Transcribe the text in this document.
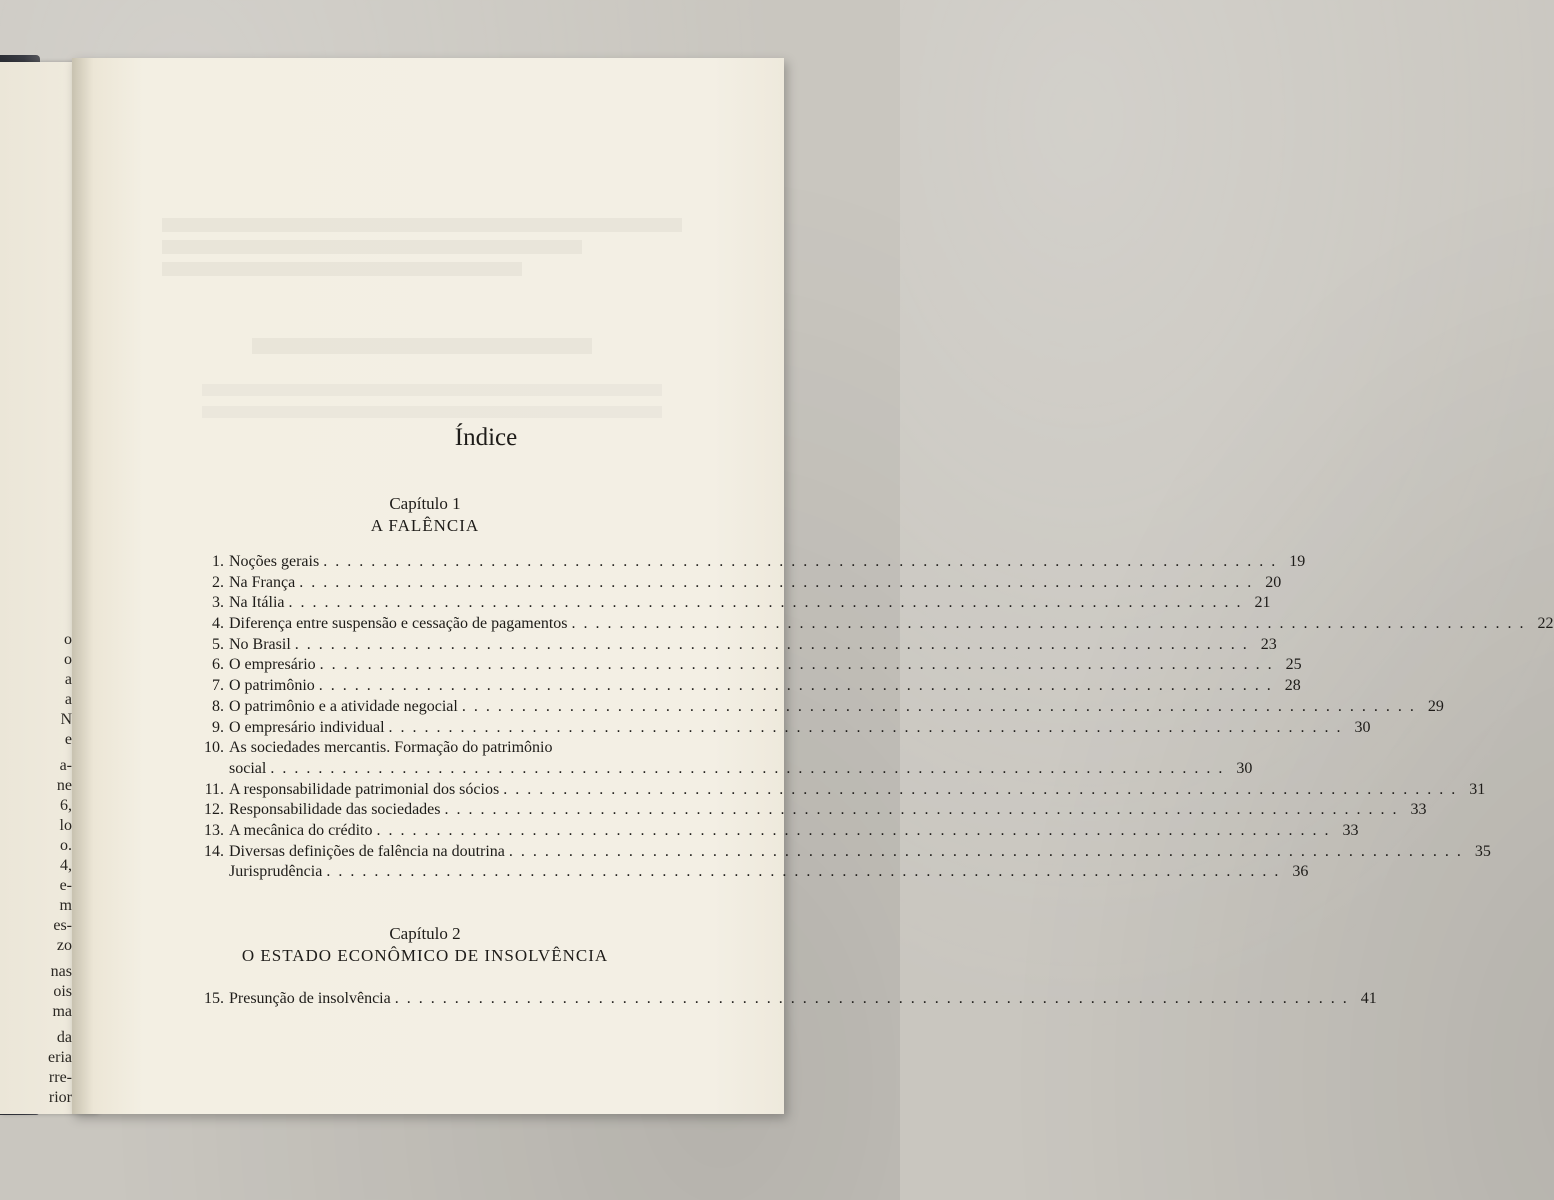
o
o
a
a
N
e
a-
ne
6,
lo
o.
4,
e-
m
es-
zo
nas
ois
ma
da
eria
rre-
rior
Índice
Capítulo 1
A FALÊNCIA
1. Noções gerais . . . . . . . . . . . . . . . . . . . . . . . . . . . . . . . . . . . . . . . . . . . . . . . . . . . . . . . . . . . . . . . . . . . . . . . . . . . . . . . . 19
2. Na França . . . . . . . . . . . . . . . . . . . . . . . . . . . . . . . . . . . . . . . . . . . . . . . . . . . . . . . . . . . . . . . . . . . . . . . . . . . . . . . . 20
3. Na Itália . . . . . . . . . . . . . . . . . . . . . . . . . . . . . . . . . . . . . . . . . . . . . . . . . . . . . . . . . . . . . . . . . . . . . . . . . . . . . . . . 21
4. Diferença entre suspensão e cessação de pagamentos . . . . . . . . . . . . . . . . . . . . . . . . . . . . . . . . . . . . . . . . . . . . . . . . . . . . . . . . . . . . . . . . . . . . . . . . . . . . . . . . 22
5. No Brasil . . . . . . . . . . . . . . . . . . . . . . . . . . . . . . . . . . . . . . . . . . . . . . . . . . . . . . . . . . . . . . . . . . . . . . . . . . . . . . . . 23
6. O empresário . . . . . . . . . . . . . . . . . . . . . . . . . . . . . . . . . . . . . . . . . . . . . . . . . . . . . . . . . . . . . . . . . . . . . . . . . . . . . . . . 25
7. O patrimônio . . . . . . . . . . . . . . . . . . . . . . . . . . . . . . . . . . . . . . . . . . . . . . . . . . . . . . . . . . . . . . . . . . . . . . . . . . . . . . . . 28
8. O patrimônio e a atividade negocial . . . . . . . . . . . . . . . . . . . . . . . . . . . . . . . . . . . . . . . . . . . . . . . . . . . . . . . . . . . . . . . . . . . . . . . . . . . . . . . . 29
9. O empresário individual . . . . . . . . . . . . . . . . . . . . . . . . . . . . . . . . . . . . . . . . . . . . . . . . . . . . . . . . . . . . . . . . . . . . . . . . . . . . . . . . 30
10. As sociedades mercantis. Formação do patrimônio
social . . . . . . . . . . . . . . . . . . . . . . . . . . . . . . . . . . . . . . . . . . . . . . . . . . . . . . . . . . . . . . . . . . . . . . . . . . . . . . . . 30
11. A responsabilidade patrimonial dos sócios . . . . . . . . . . . . . . . . . . . . . . . . . . . . . . . . . . . . . . . . . . . . . . . . . . . . . . . . . . . . . . . . . . . . . . . . . . . . . . . . 31
12. Responsabilidade das sociedades . . . . . . . . . . . . . . . . . . . . . . . . . . . . . . . . . . . . . . . . . . . . . . . . . . . . . . . . . . . . . . . . . . . . . . . . . . . . . . . . 33
13. A mecânica do crédito . . . . . . . . . . . . . . . . . . . . . . . . . . . . . . . . . . . . . . . . . . . . . . . . . . . . . . . . . . . . . . . . . . . . . . . . . . . . . . . . 33
14. Diversas definições de falência na doutrina . . . . . . . . . . . . . . . . . . . . . . . . . . . . . . . . . . . . . . . . . . . . . . . . . . . . . . . . . . . . . . . . . . . . . . . . . . . . . . . . 35
Jurisprudência . . . . . . . . . . . . . . . . . . . . . . . . . . . . . . . . . . . . . . . . . . . . . . . . . . . . . . . . . . . . . . . . . . . . . . . . . . . . . . . . 36
Capítulo 2
O ESTADO ECONÔMICO DE INSOLVÊNCIA
15. Presunção de insolvência . . . . . . . . . . . . . . . . . . . . . . . . . . . . . . . . . . . . . . . . . . . . . . . . . . . . . . . . . . . . . . . . . . . . . . . . . . . . . . . . 41
